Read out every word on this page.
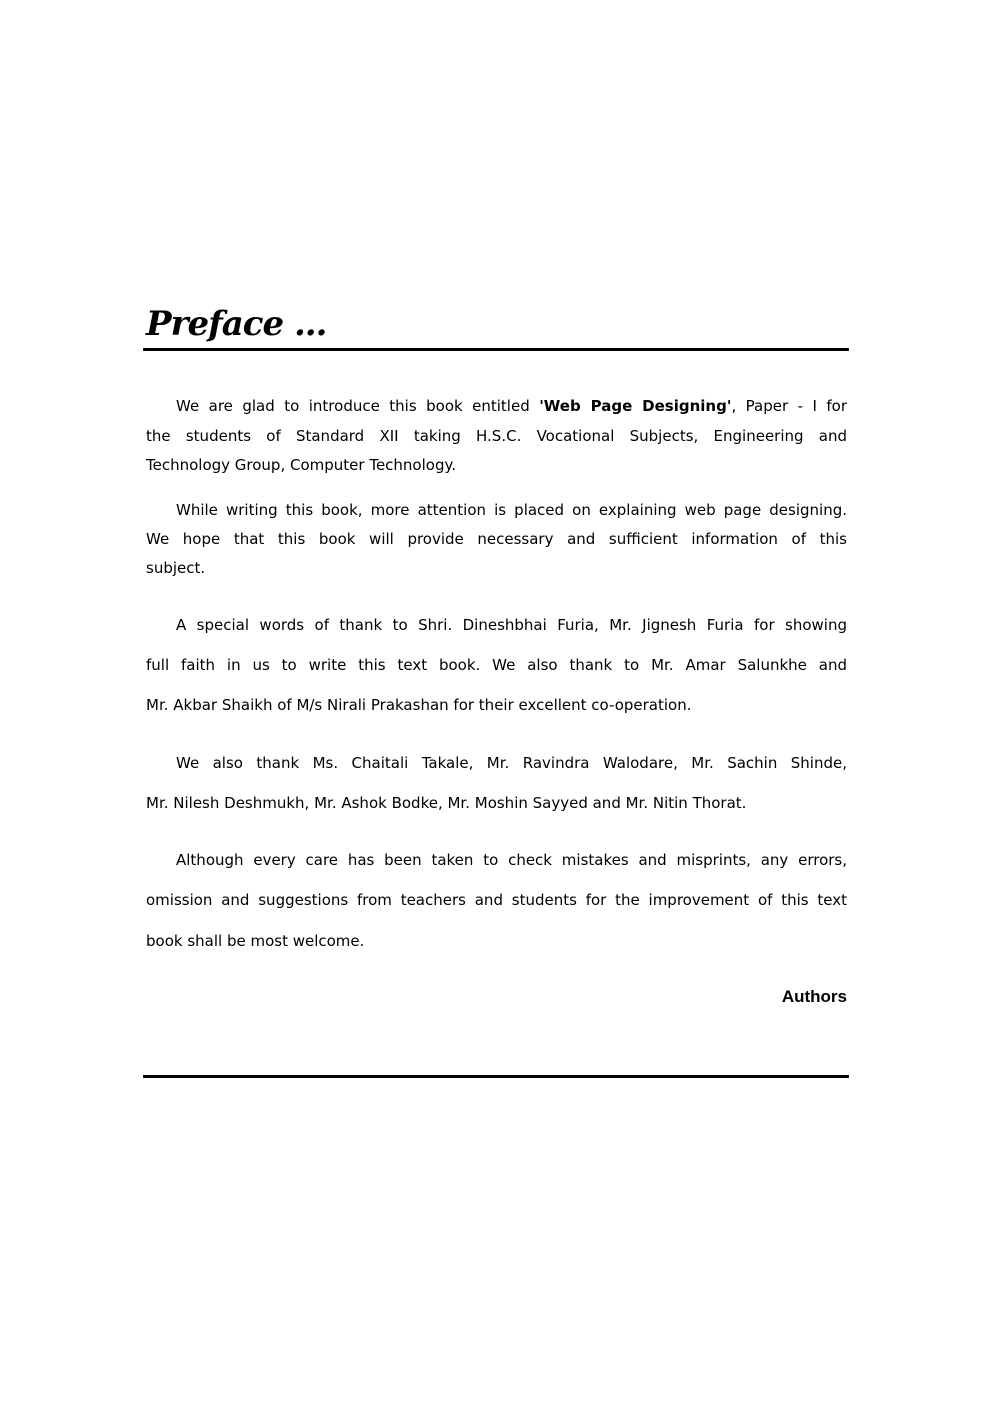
Preface ...
We are glad to introduce this book entitled 'Web Page Designing', Paper - I for
the students of Standard XII taking H.S.C. Vocational Subjects, Engineering and
Technology Group, Computer Technology.
While writing this book, more attention is placed on explaining web page designing.
We hope that this book will provide necessary and sufficient information of this
subject.
A special words of thank to Shri. Dineshbhai Furia, Mr. Jignesh Furia for showing
full faith in us to write this text book. We also thank to Mr. Amar Salunkhe and
Mr. Akbar Shaikh of M/s Nirali Prakashan for their excellent co-operation.
We also thank Ms. Chaitali Takale, Mr. Ravindra Walodare, Mr. Sachin Shinde,
Mr. Nilesh Deshmukh, Mr. Ashok Bodke, Mr. Moshin Sayyed and Mr. Nitin Thorat.
Although every care has been taken to check mistakes and misprints, any errors,
omission and suggestions from teachers and students for the improvement of this text
book shall be most welcome.
Authors
